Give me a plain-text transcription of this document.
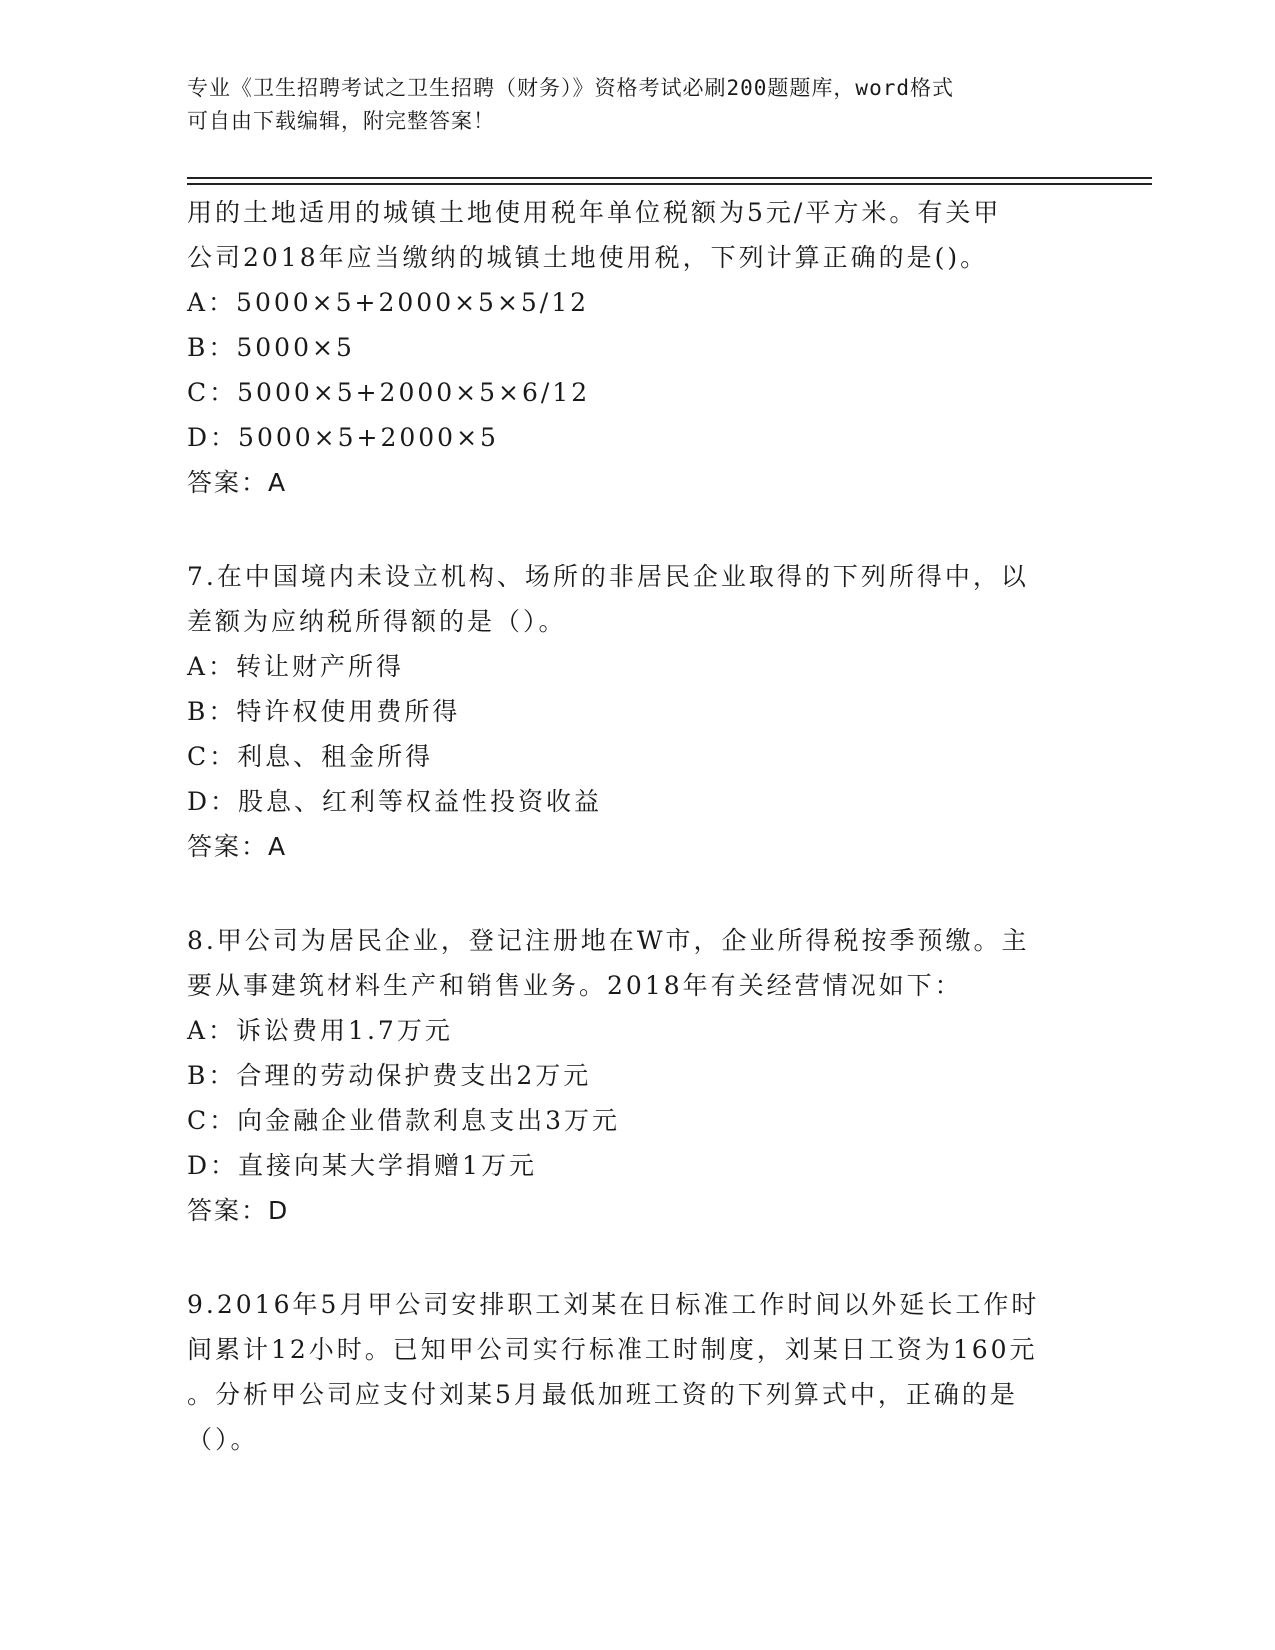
专业《卫生招聘考试之卫生招聘（财务）》资格考试必刷200题题库，word格式
可自由下载编辑，附完整答案！
用的土地适用的城镇土地使用税年单位税额为5元/平方米。有关甲
公司2018年应当缴纳的城镇土地使用税，下列计算正确的是()。
A：5000×5+2000×5×5/12
B：5000×5
C：5000×5+2000×5×6/12
D：5000×5+2000×5
答案：A
7.在中国境内未设立机构、场所的非居民企业取得的下列所得中，以
差额为应纳税所得额的是（）。
A：转让财产所得
B：特许权使用费所得
C：利息、租金所得
D：股息、红利等权益性投资收益
答案：A
8.甲公司为居民企业，登记注册地在W市，企业所得税按季预缴。主
要从事建筑材料生产和销售业务。2018年有关经营情况如下：
A：诉讼费用1.7万元
B：合理的劳动保护费支出2万元
C：向金融企业借款利息支出3万元
D：直接向某大学捐赠1万元
答案：D
9.2016年5月甲公司安排职工刘某在日标准工作时间以外延长工作时
间累计12小时。已知甲公司实行标准工时制度，刘某日工资为160元
。分析甲公司应支付刘某5月最低加班工资的下列算式中，正确的是
（）。
